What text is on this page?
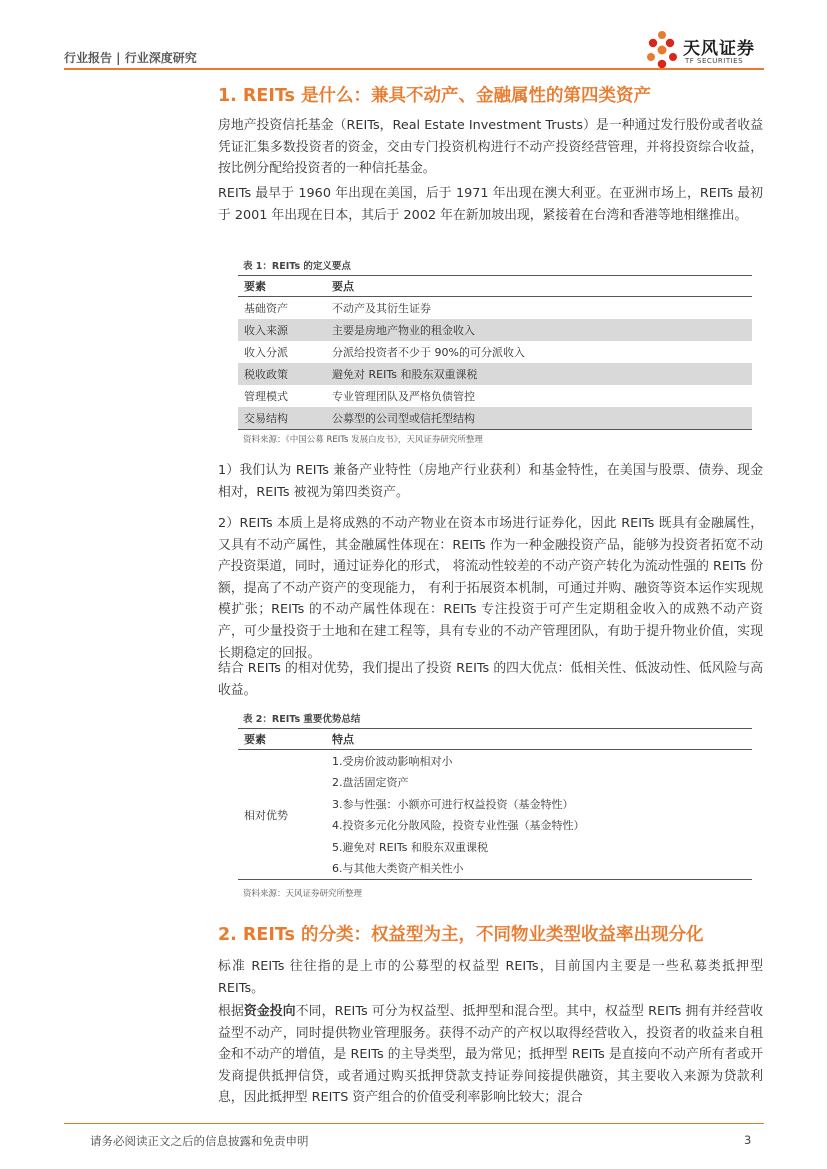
行业报告 | 行业深度研究	天风证券
TF SECURITIES
1. REITs 是什么：兼具不动产、金融属性的第四类资产
房地产投资信托基金（REITs，Real Estate Investment Trusts）是一种通过发行股份或者收益凭证汇集多数投资者的资金，交由专门投资机构进行不动产投资经营管理，并将投资综合收益，按比例分配给投资者的一种信托基金。
REITs 最早于 1960 年出现在美国，后于 1971 年出现在澳大利亚。在亚洲市场上，REITs 最初于 2001 年出现在日本，其后于 2002 年在新加坡出现，紧接着在台湾和香港等地相继推出。
表 1：REITs 的定义要点
要素	要点
基础资产	不动产及其衍生证券
收入来源	主要是房地产物业的租金收入
收入分派	分派给投资者不少于 90%的可分派收入
税收政策	避免对 REITs 和股东双重课税
管理模式	专业管理团队及严格负债管控
交易结构	公募型的公司型或信托型结构
资料来源：《中国公募 REITs 发展白皮书》，天风证券研究所整理
1）我们认为 REITs 兼备产业特性（房地产行业获利）和基金特性，在美国与股票、债券、现金相对，REITs 被视为第四类资产。
2）REITs 本质上是将成熟的不动产物业在资本市场进行证券化，因此 REITs 既具有金融属性，又具有不动产属性，其金融属性体现在：REITs 作为一种金融投资产品，能够为投资者拓宽不动产投资渠道，同时，通过证券化的形式， 将流动性较差的不动产资产转化为流动性强的 REITs 份额，提高了不动产资产的变现能力， 有利于拓展资本机制，可通过并购、融资等资本运作实现规模扩张；REITs 的不动产属性体现在：REITs 专注投资于可产生定期租金收入的成熟不动产资产，可少量投资于土地和在建工程等，具有专业的不动产管理团队，有助于提升物业价值，实现长期稳定的回报。
结合 REITs 的相对优势，我们提出了投资 REITs 的四大优点：低相关性、低波动性、低风险与高收益。
表 2：REITs 重要优势总结
要素	特点
相对优势	1.受房价波动影响相对小
	2.盘活固定资产
	3.参与性强：小额亦可进行权益投资（基金特性）
	4.投资多元化分散风险，投资专业性强（基金特性）
	5.避免对 REITs 和股东双重课税
	6.与其他大类资产相关性小
资料来源：天风证券研究所整理
2. REITs 的分类：权益型为主，不同物业类型收益率出现分化
标准 REITs 往往指的是上市的公募型的权益型 REITs，目前国内主要是一些私募类抵押型 REITs。
根据资金投向不同，REITs 可分为权益型、抵押型和混合型。其中，权益型 REITs 拥有并经营收益型不动产，同时提供物业管理服务。获得不动产的产权以取得经营收入，投资者的收益来自租金和不动产的增值，是 REITs 的主导类型，最为常见；抵押型 REITs 是直接向不动产所有者或开发商提供抵押信贷，或者通过购买抵押贷款支持证券间接提供融资，其主要收入来源为贷款利息，因此抵押型 REITS 资产组合的价值受利率影响比较大；混合
请务必阅读正文之后的信息披露和免责申明	3
